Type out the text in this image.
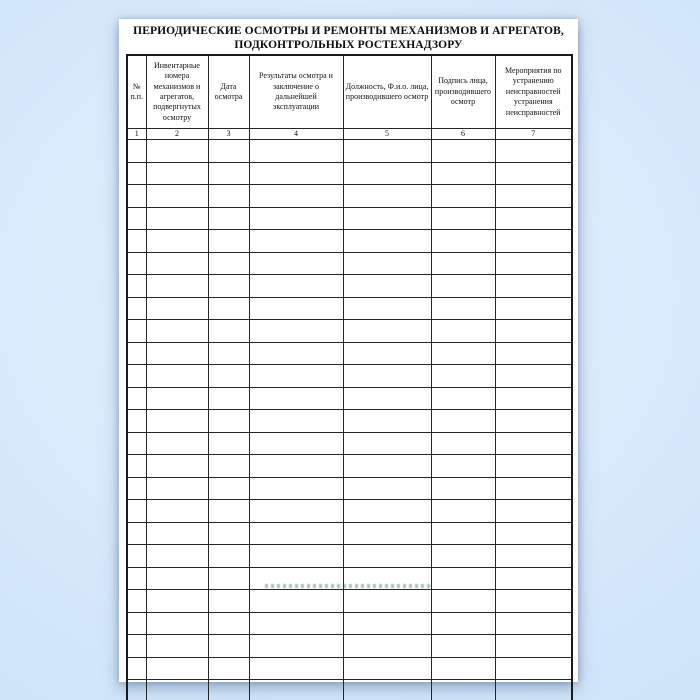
ПЕРИОДИЧЕСКИЕ ОСМОТРЫ И РЕМОНТЫ МЕХАНИЗМОВ И АГРЕГАТОВ,
ПОДКОНТРОЛЬНЫХ РОСТЕХНАДЗОРУ
№ п.п.	Инвентарные номера механизмов и агрегатов, подвергнутых осмотру	Дата осмотра	Результаты осмотра и заключение о дальнейшей эксплуатации	Должность, Ф.и.о. лица, производившего осмотр	Подпись лица, производившего осмотр	Мероприятия по устранению неисправностей устранения неисправностей
1	2	3	4	5	6	7
